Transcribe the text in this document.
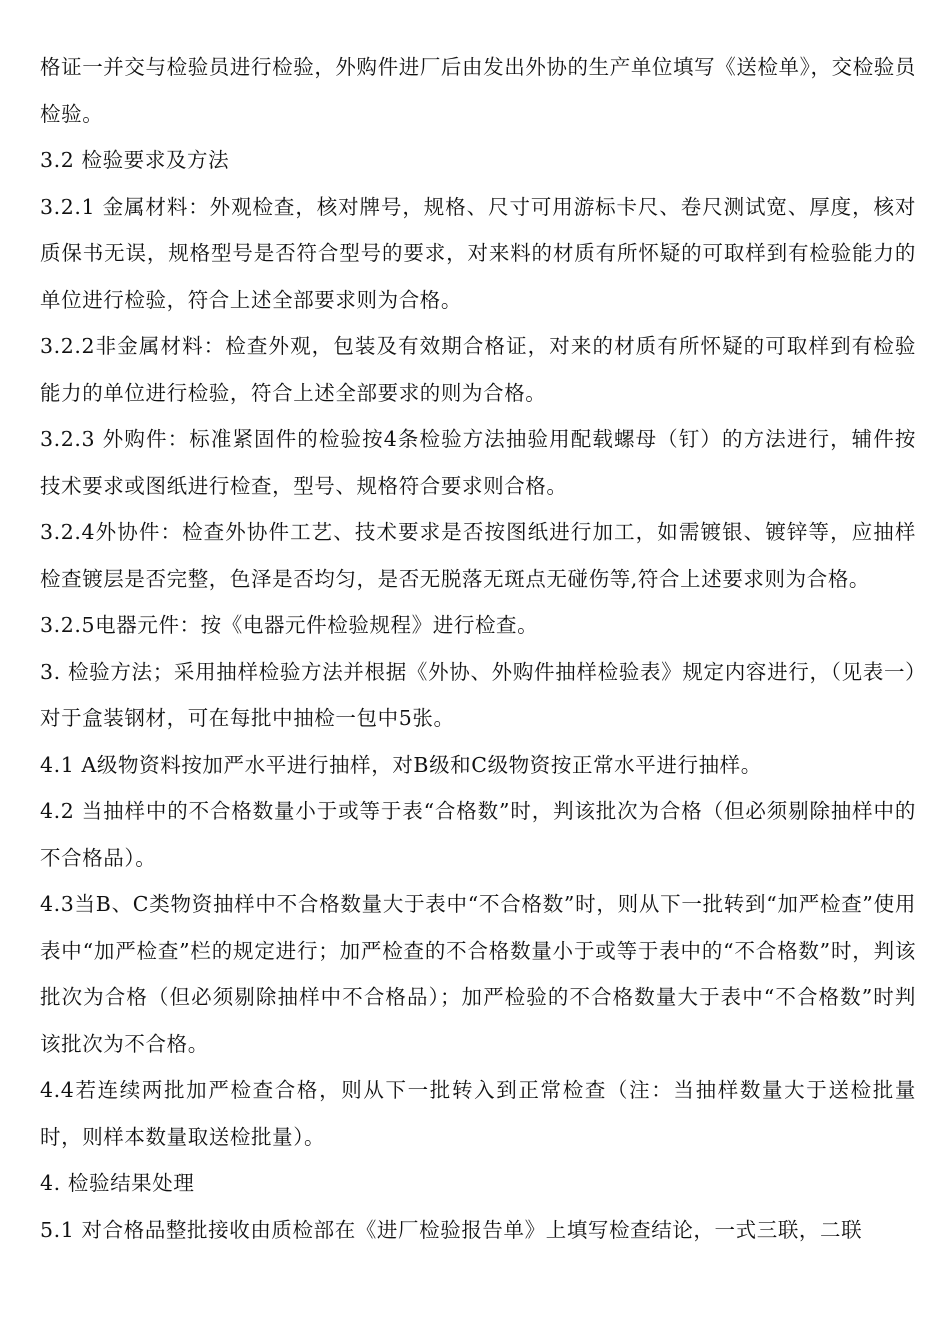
格证一并交与检验员进行检验，外购件进厂后由发出外协的生产单位填写《送检单》，交检验员检验。

3.2 检验要求及方法

3.2.1 金属材料：外观检查，核对牌号，规格、尺寸可用游标卡尺、卷尺测试宽、厚度，核对质保书无误，规格型号是否符合型号的要求，对来料的材质有所怀疑的可取样到有检验能力的单位进行检验，符合上述全部要求则为合格。

3.2.2非金属材料：检查外观，包装及有效期合格证，对来的材质有所怀疑的可取样到有检验能力的单位进行检验，符合上述全部要求的则为合格。

3.2.3 外购件：标准紧固件的检验按4条检验方法抽验用配载螺母（钉）的方法进行，辅件按技术要求或图纸进行检查，型号、规格符合要求则合格。

3.2.4外协件：检查外协件工艺、技术要求是否按图纸进行加工，如需镀银、镀锌等，应抽样检查镀层是否完整，色泽是否均匀，是否无脱落无斑点无碰伤等,符合上述要求则为合格。

3.2.5电器元件：按《电器元件检验规程》进行检查。

3. 检验方法；采用抽样检验方法并根据《外协、外购件抽样检验表》规定内容进行，（见表一）对于盒装钢材，可在每批中抽检一包中5张。

4.1 A级物资料按加严水平进行抽样，对B级和C级物资按正常水平进行抽样。

4.2 当抽样中的不合格数量小于或等于表“合格数”时，判该批次为合格（但必须剔除抽样中的不合格品）。

4.3当B、C类物资抽样中不合格数量大于表中“不合格数”时，则从下一批转到“加严检查”使用表中“加严检查”栏的规定进行；加严检查的不合格数量小于或等于表中的“不合格数”时，判该批次为合格（但必须剔除抽样中不合格品）；加严检验的不合格数量大于表中“不合格数”时判该批次为不合格。

4.4若连续两批加严检查合格，则从下一批转入到正常检查（注：当抽样数量大于送检批量时，则样本数量取送检批量）。

4. 检验结果处理

5.1 对合格品整批接收由质检部在《进厂检验报告单》上填写检查结论，一式三联，二联
